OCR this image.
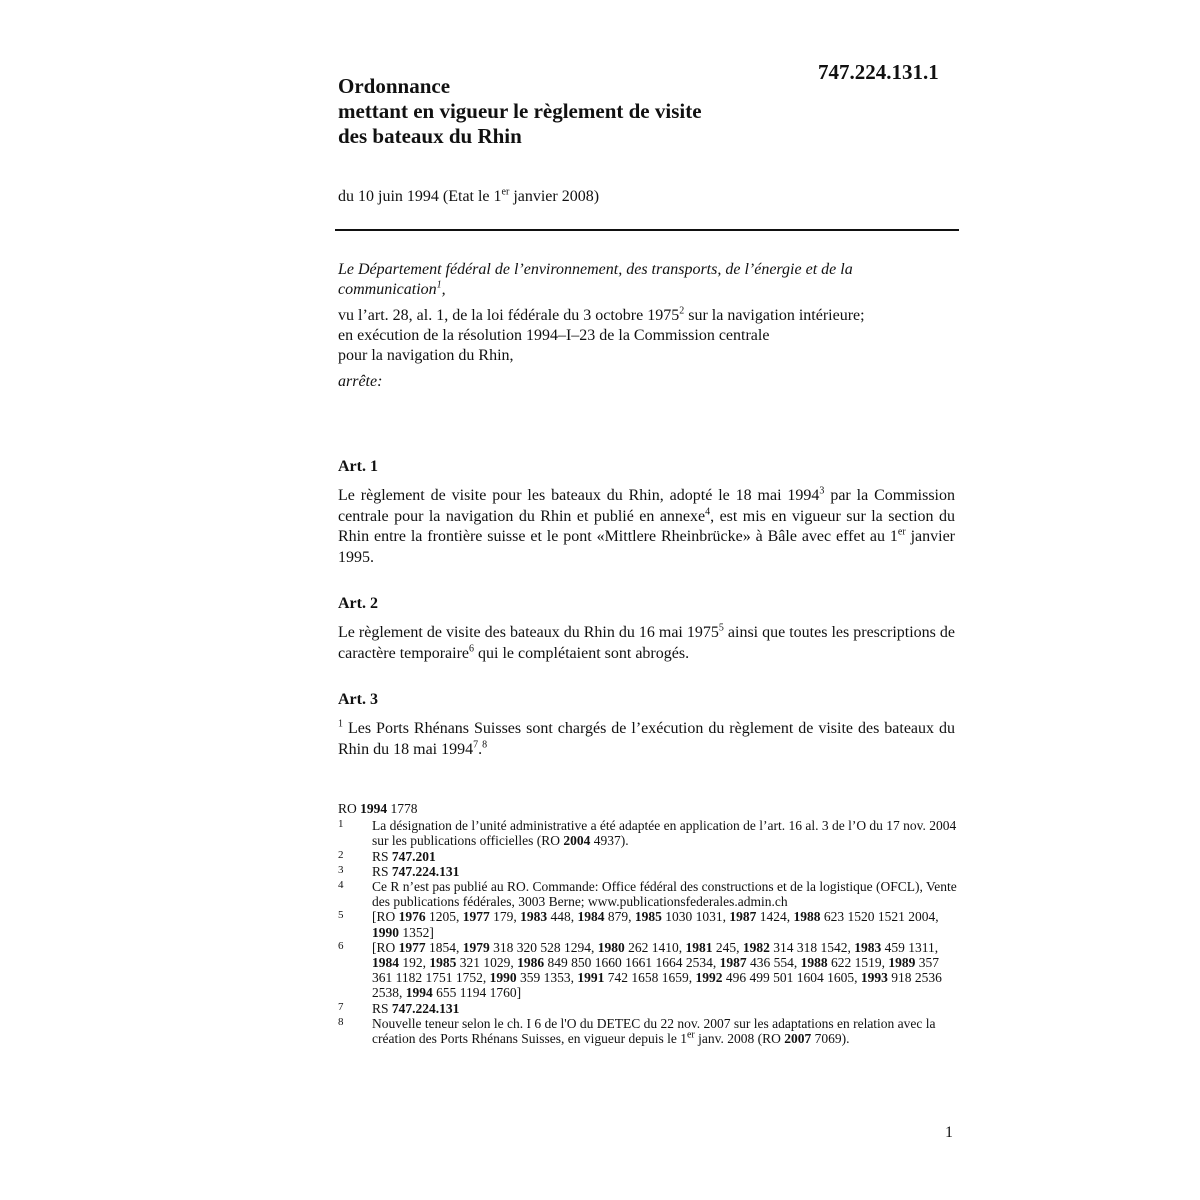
747.224.131.1
Ordonnance
mettant en vigueur le règlement de visite
des bateaux du Rhin
du 10 juin 1994 (Etat le 1er janvier 2008)

Le Département fédéral de l’environnement, des transports, de l’énergie et de la communication$^1$,

vu l’art. 28, al. 1, de la loi fédérale du 3 octobre 1975$^2$ sur la navigation intérieure;

en exécution de la résolution 1994–I–23 de la Commission centrale

pour la navigation du Rhin,

arrête:

Art. 1

Le règlement de visite pour les bateaux du Rhin, adopté le 18 mai 1994$^3$ par la Commission centrale pour la navigation du Rhin et publié en annexe$^4$, est mis en vigueur sur la section du Rhin entre la frontière suisse et le pont «Mittlere Rheinbrücke» à Bâle avec effet au 1er janvier 1995.

Art. 2

Le règlement de visite des bateaux du Rhin du 16 mai 1975$^5$ ainsi que toutes les prescriptions de caractère temporaire$^6$ qui le complétaient sont abrogés.

Art. 3

$^1$ Les Ports Rhénans Suisses sont chargés de l’exécution du règlement de visite des bateaux du Rhin du 18 mai 1994$^7$.$^8$

RO 1994 1778
1	La désignation de l’unité administrative a été adaptée en application de l’art. 16 al. 3 de l’O du 17 nov. 2004 sur les publications officielles (RO 2004 4937).
2	RS 747.201
3	RS 747.224.131
4	Ce R n’est pas publié au RO. Commande: Office fédéral des constructions et de la logistique (OFCL), Vente des publications fédérales, 3003 Berne; www.publicationsfederales.admin.ch
5	[RO 1976 1205, 1977 179, 1983 448, 1984 879, 1985 1030 1031, 1987 1424, 1988 623 1520 1521 2004, 1990 1352]
6	[RO 1977 1854, 1979 318 320 528 1294, 1980 262 1410, 1981 245, 1982 314 318 1542, 1983 459 1311, 1984 192, 1985 321 1029, 1986 849 850 1660 1661 1664 2534, 1987 436 554, 1988 622 1519, 1989 357 361 1182 1751 1752, 1990 359 1353, 1991 742 1658 1659, 1992 496 499 501 1604 1605, 1993 918 2536 2538, 1994 655 1194 1760]
7	RS 747.224.131
8	Nouvelle teneur selon le ch. I 6 de l'O du DETEC du 22 nov. 2007 sur les adaptations en relation avec la création des Ports Rhénans Suisses, en vigueur depuis le 1er janv. 2008 (RO 2007 7069).
1
